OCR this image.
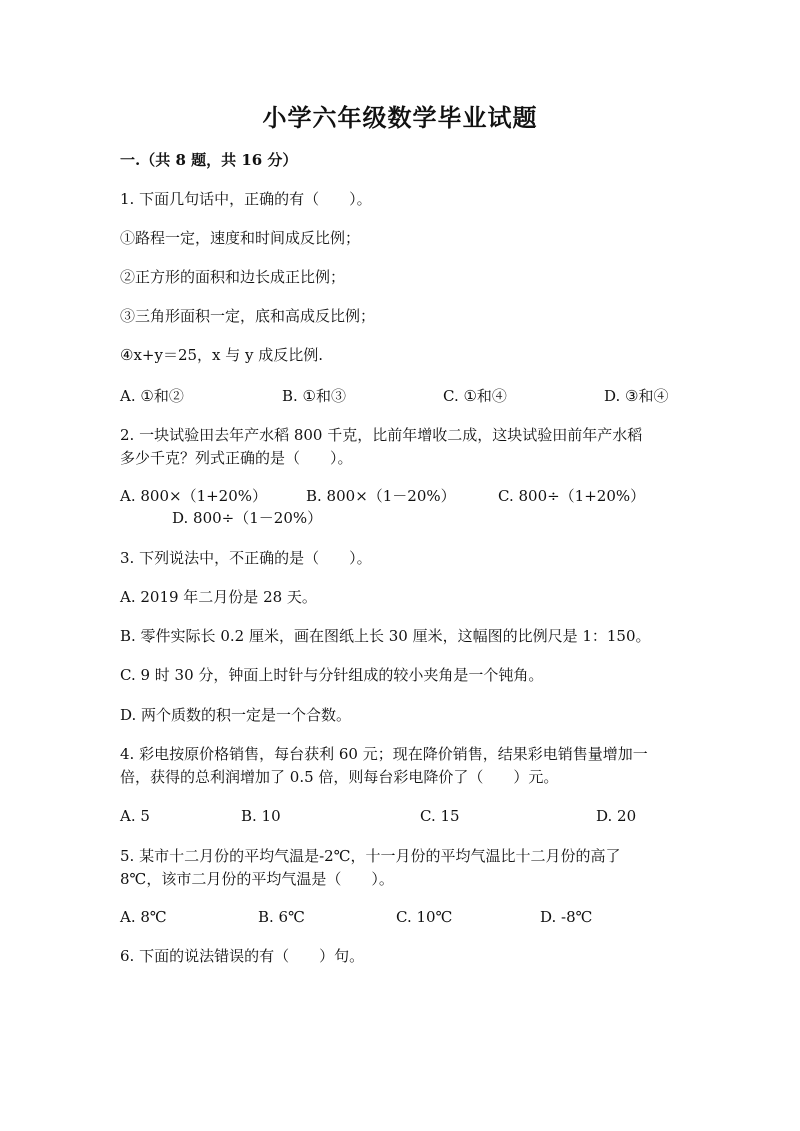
小学六年级数学毕业试题
一.（共 8 题，共 16 分）
1. 下面几句话中，正确的有（　　）。
①路程一定，速度和时间成反比例；
②正方形的面积和边长成正比例；
③三角形面积一定，底和高成反比例；
④x+y＝25，x 与 y 成反比例.
A. ①和②	B. ①和③	C. ①和④	D. ③和④
2. 一块试验田去年产水稻 800 千克，比前年增收二成，这块试验田前年产水稻
多少千克？列式正确的是（　　）。
A. 800×（1+20%）	B. 800×（1－20%）	C. 800÷（1+20%）
D. 800÷（1－20%）
3. 下列说法中，不正确的是（　　）。
A. 2019 年二月份是 28 天。
B. 零件实际长 0.2 厘米，画在图纸上长 30 厘米，这幅图的比例尺是 1：150。
C. 9 时 30 分，钟面上时针与分针组成的较小夹角是一个钝角。
D. 两个质数的积一定是一个合数。
4. 彩电按原价格销售，每台获利 60 元；现在降价销售，结果彩电销售量增加一
倍，获得的总利润增加了 0.5 倍，则每台彩电降价了（　　）元。
A. 5	B. 10	C. 15	D. 20
5. 某市十二月份的平均气温是-2℃，十一月份的平均气温比十二月份的高了
8℃，该市二月份的平均气温是（　　）。
A. 8℃	B. 6℃	C. 10℃	D. -8℃
6. 下面的说法错误的有（　　）句。
